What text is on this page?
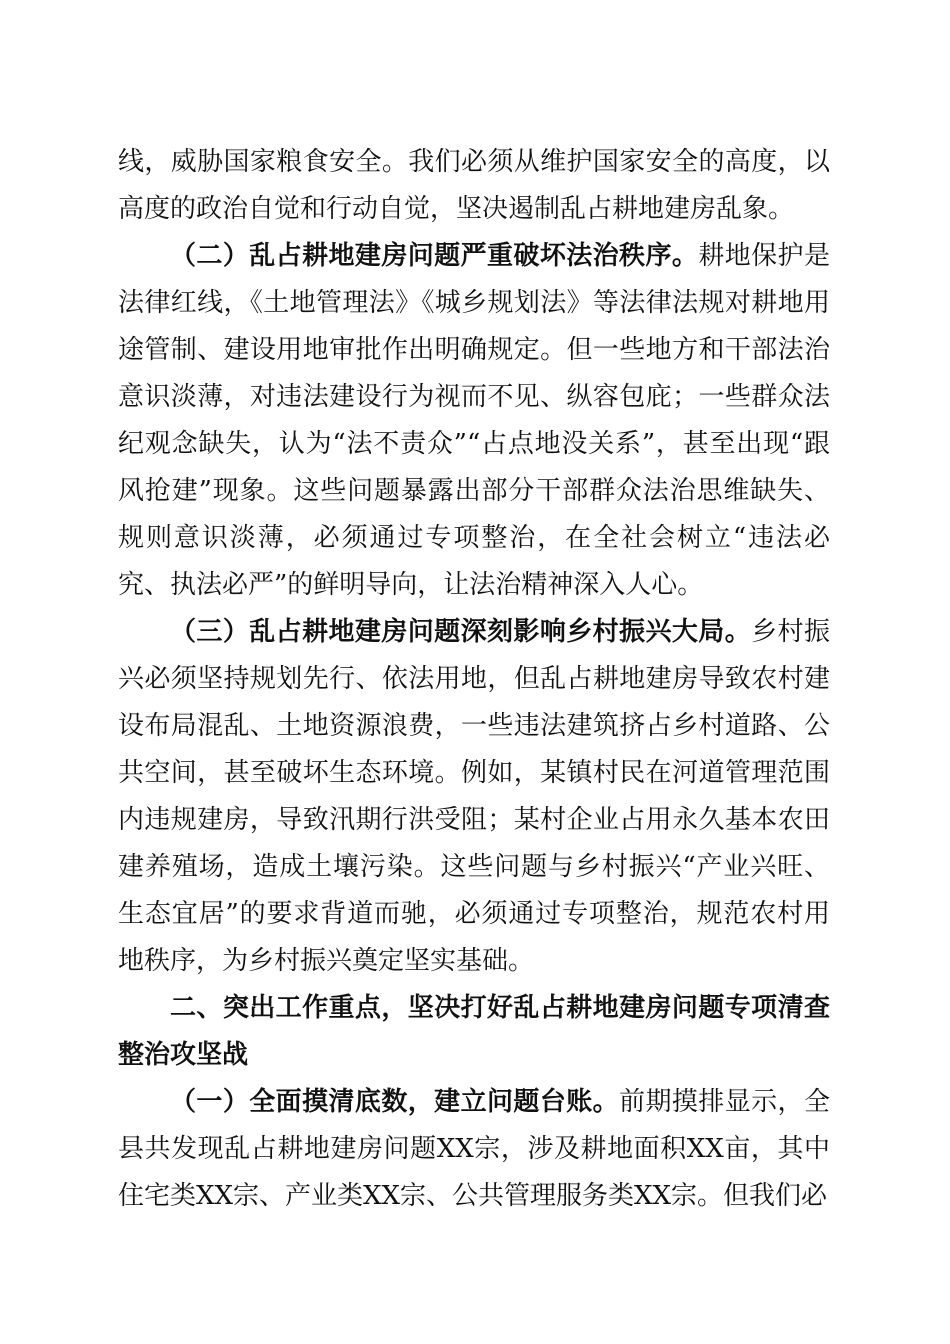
线，威胁国家粮食安全。我们必须从维护国家安全的高度，以高度的政治自觉和行动自觉，坚决遏制乱占耕地建房乱象。

（二）乱占耕地建房问题严重破坏法治秩序。耕地保护是法律红线，《土地管理法》《城乡规划法》等法律法规对耕地用途管制、建设用地审批作出明确规定。但一些地方和干部法治意识淡薄，对违法建设行为视而不见、纵容包庇；一些群众法纪观念缺失，认为“法不责众”“占点地没关系”，甚至出现“跟风抢建”现象。这些问题暴露出部分干部群众法治思维缺失、规则意识淡薄，必须通过专项整治，在全社会树立“违法必究、执法必严”的鲜明导向，让法治精神深入人心。

（三）乱占耕地建房问题深刻影响乡村振兴大局。乡村振兴必须坚持规划先行、依法用地，但乱占耕地建房导致农村建设布局混乱、土地资源浪费，一些违法建筑挤占乡村道路、公共空间，甚至破坏生态环境。例如，某镇村民在河道管理范围内违规建房，导致汛期行洪受阻；某村企业占用永久基本农田建养殖场，造成土壤污染。这些问题与乡村振兴“产业兴旺、生态宜居”的要求背道而驰，必须通过专项整治，规范农村用地秩序，为乡村振兴奠定坚实基础。

二、突出工作重点，坚决打好乱占耕地建房问题专项清查整治攻坚战

（一）全面摸清底数，建立问题台账。前期摸排显示，全县共发现乱占耕地建房问题XX宗，涉及耕地面积XX亩，其中住宅类XX宗、产业类XX宗、公共管理服务类XX宗。但我们必
